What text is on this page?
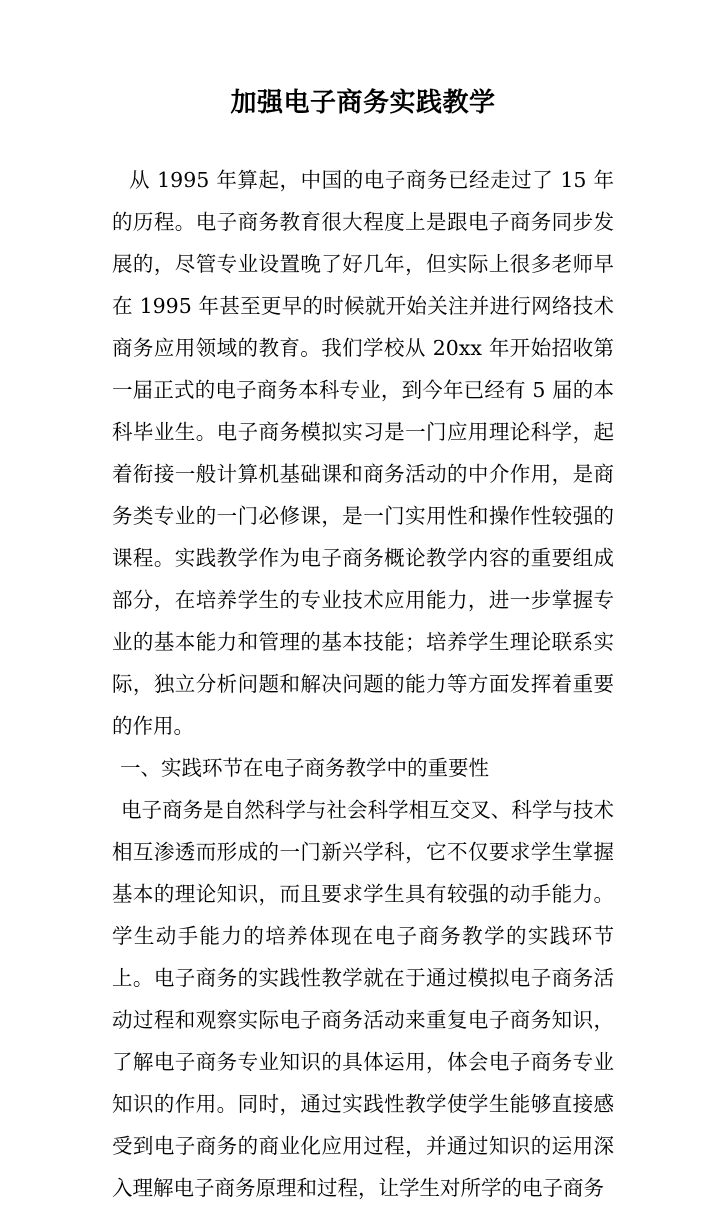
加强电子商务实践教学

从 1995 年算起，中国的电子商务已经走过了 15 年的历程。电子商务教育很大程度上是跟电子商务同步发展的，尽管专业设置晚了好几年，但实际上很多老师早在 1995 年甚至更早的时候就开始关注并进行网络技术商务应用领域的教育。我们学校从 20xx 年开始招收第一届正式的电子商务本科专业，到今年已经有 5 届的本科毕业生。电子商务模拟实习是一门应用理论科学，起着衔接一般计算机基础课和商务活动的中介作用，是商务类专业的一门必修课，是一门实用性和操作性较强的课程。实践教学作为电子商务概论教学内容的重要组成部分，在培养学生的专业技术应用能力，进一步掌握专业的基本能力和管理的基本技能；培养学生理论联系实际，独立分析问题和解决问题的能力等方面发挥着重要的作用。

一、实践环节在电子商务教学中的重要性

电子商务是自然科学与社会科学相互交叉、科学与技术相互渗透而形成的一门新兴学科，它不仅要求学生掌握基本的理论知识，而且要求学生具有较强的动手能力。学生动手能力的培养体现在电子商务教学的实践环节上。电子商务的实践性教学就在于通过模拟电子商务活动过程和观察实际电子商务活动来重复电子商务知识，了解电子商务专业知识的具体运用，体会电子商务专业知识的作用。同时，通过实践性教学使学生能够直接感受到电子商务的商业化应用过程，并通过知识的运用深入理解电子商务原理和过程，让学生对所学的电子商务
